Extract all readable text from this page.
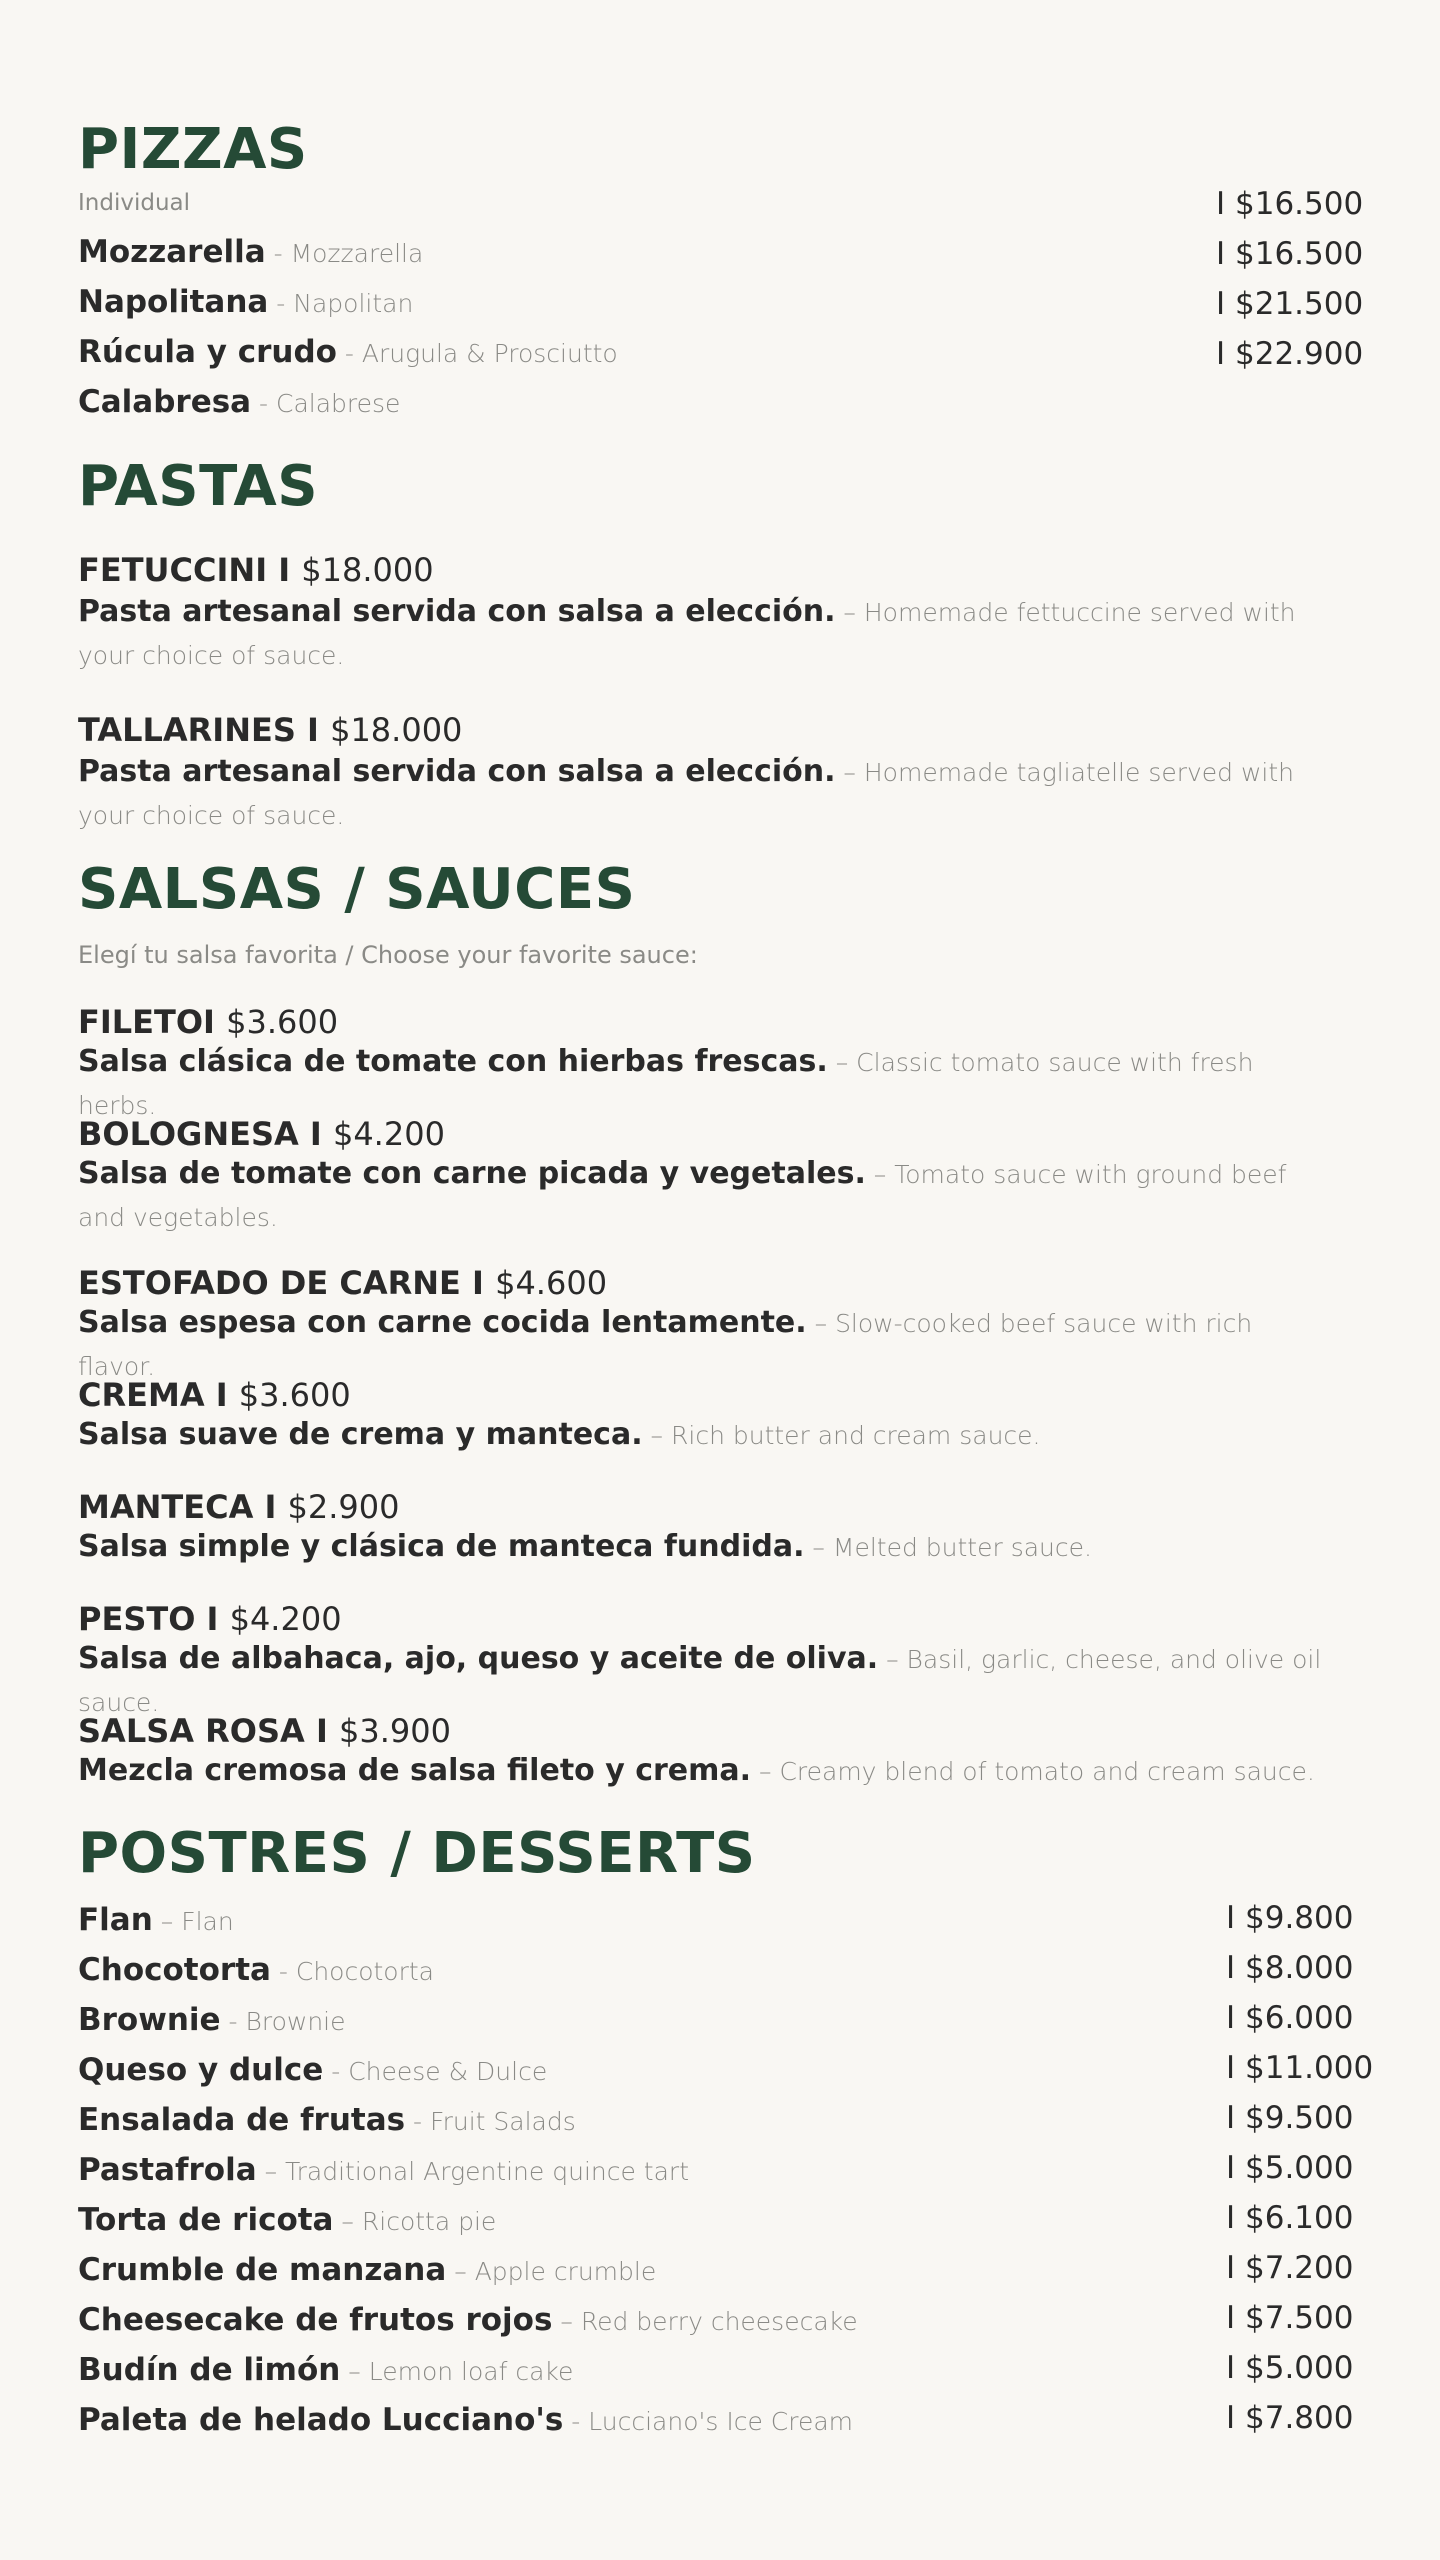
PIZZAS
Individual	I $16.500
Mozzarella - Mozzarella	I $16.500
Napolitana - Napolitan	I $21.500
Rúcula y crudo - Arugula & Prosciutto	I $22.900
Calabresa - Calabrese
PASTAS
FETUCCINI I $18.000
Pasta artesanal servida con salsa a elección. – Homemade fettuccine served with your choice of sauce.
TALLARINES I $18.000
Pasta artesanal servida con salsa a elección. – Homemade tagliatelle served with your choice of sauce.
SALSAS / SAUCES
Elegí tu salsa favorita / Choose your favorite sauce:
FILETOI $3.600
Salsa clásica de tomate con hierbas frescas. – Classic tomato sauce with fresh herbs.
BOLOGNESA I $4.200
Salsa de tomate con carne picada y vegetales. – Tomato sauce with ground beef and vegetables.
ESTOFADO DE CARNE I $4.600
Salsa espesa con carne cocida lentamente. – Slow-cooked beef sauce with rich flavor.
CREMA I $3.600
Salsa suave de crema y manteca. – Rich butter and cream sauce.
MANTECA I $2.900
Salsa simple y clásica de manteca fundida. – Melted butter sauce.
PESTO I $4.200
Salsa de albahaca, ajo, queso y aceite de oliva. – Basil, garlic, cheese, and olive oil sauce.
SALSA ROSA I $3.900
Mezcla cremosa de salsa fileto y crema. – Creamy blend of tomato and cream sauce.
POSTRES / DESSERTS
Flan – Flan	I $9.800
Chocotorta - Chocotorta	I $8.000
Brownie - Brownie	I $6.000
Queso y dulce - Cheese & Dulce	I $11.000
Ensalada de frutas - Fruit Salads	I $9.500
Pastafrola – Traditional Argentine quince tart	I $5.000
Torta de ricota – Ricotta pie	I $6.100
Crumble de manzana – Apple crumble	I $7.200
Cheesecake de frutos rojos – Red berry cheesecake	I $7.500
Budín de limón – Lemon loaf cake	I $5.000
Paleta de helado Lucciano's - Lucciano's Ice Cream	I $7.800
